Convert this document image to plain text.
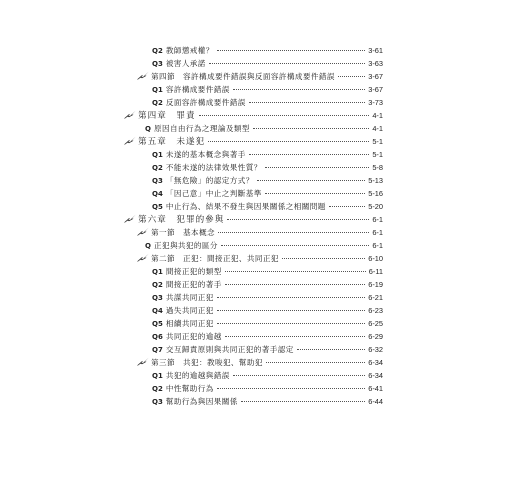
Q2 教師懲戒權？	3-61
Q3 被害人承諾	3-63
第四節　容許構成要件錯誤與反面容許構成要件錯誤	3-67
Q1 容許構成要件錯誤	3-67
Q2 反面容許構成要件錯誤	3-73
第四章　罪責	4-1
Q 原因自由行為之理論及類型	4-1
第五章　未遂犯	5-1
Q1 未遂的基本概念與著手	5-1
Q2 不能未遂的法律效果性質？	5-8
Q3 「無危險」的認定方式？	5-13
Q4 「因己意」中止之判斷基準	5-16
Q5 中止行為、結果不發生與因果關係之相關問題	5-20
第六章　犯罪的參與	6-1
第一節　基本概念	6-1
Q 正犯與共犯的區分	6-1
第二節　正犯：間接正犯、共同正犯	6-10
Q1 間接正犯的類型	6-11
Q2 間接正犯的著手	6-19
Q3 共謀共同正犯	6-21
Q4 過失共同正犯	6-23
Q5 相續共同正犯	6-25
Q6 共同正犯的逾越	6-29
Q7 交互歸責原則與共同正犯的著手認定	6-32
第三節　共犯：教唆犯、幫助犯	6-34
Q1 共犯的逾越與錯誤	6-34
Q2 中性幫助行為	6-41
Q3 幫助行為與因果關係	6-44
